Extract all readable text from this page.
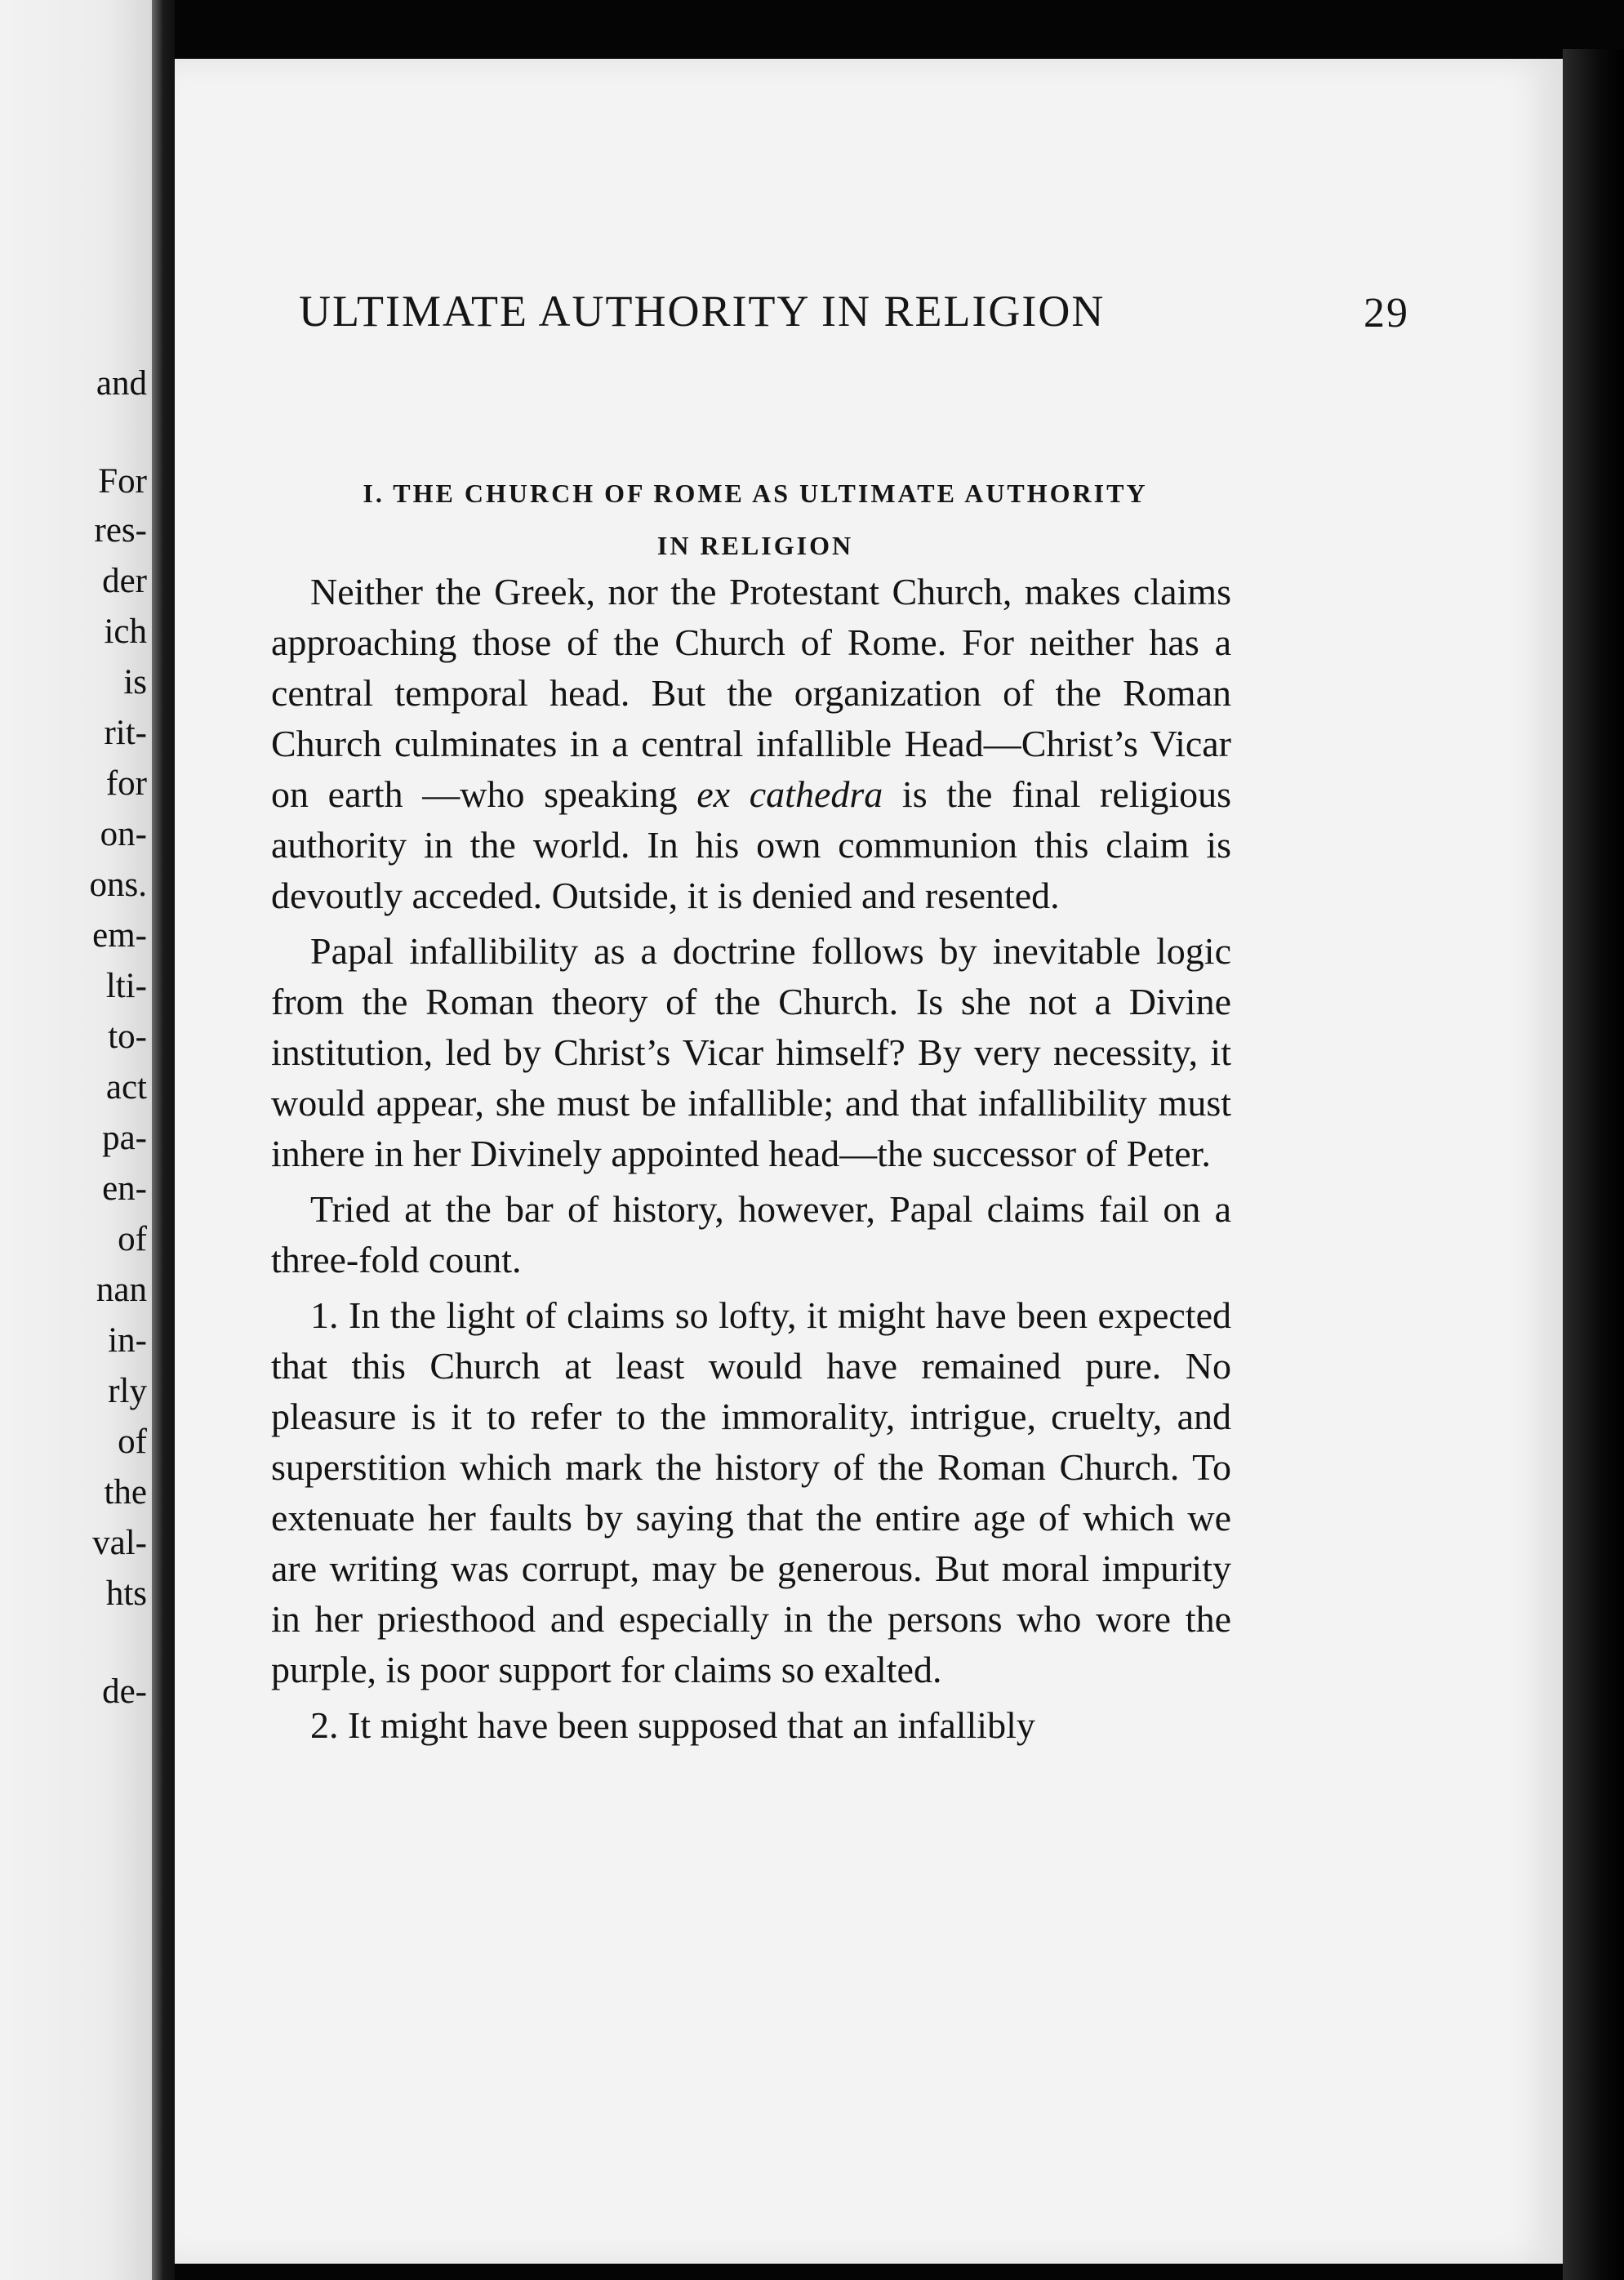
and
For
res-
der
ich
is
rit-
for
on-
ons.
em-
lti-
to-
act
pa-
en-
of
nan
in-
rly
of
the
val-
hts
de-
ULTIMATE AUTHORITY IN RELIGION	29
I. THE CHURCH OF ROME AS ULTIMATE AUTHORITY
IN RELIGION

Neither the Greek, nor the Protestant Church, makes claims approaching those of the Church of Rome. For neither has a central temporal head. But the organization of the Roman Church culminates in a central infallible Head—Christ’s Vicar on earth —who speaking ex cathedra is the final religious authority in the world. In his own communion this claim is devoutly acceded. Outside, it is denied and resented.

Papal infallibility as a doctrine follows by inevitable logic from the Roman theory of the Church. Is she not a Divine institution, led by Christ’s Vicar himself? By very necessity, it would appear, she must be infallible; and that infallibility must inhere in her Divinely appointed head—the successor of Peter.

Tried at the bar of history, however, Papal claims fail on a three-fold count.

1. In the light of claims so lofty, it might have been expected that this Church at least would have remained pure. No pleasure is it to refer to the immorality, intrigue, cruelty, and superstition which mark the history of the Roman Church. To extenuate her faults by saying that the entire age of which we are writing was corrupt, may be generous. But moral impurity in her priesthood and especially in the persons who wore the purple, is poor support for claims so exalted.

2. It might have been supposed that an infallibly
